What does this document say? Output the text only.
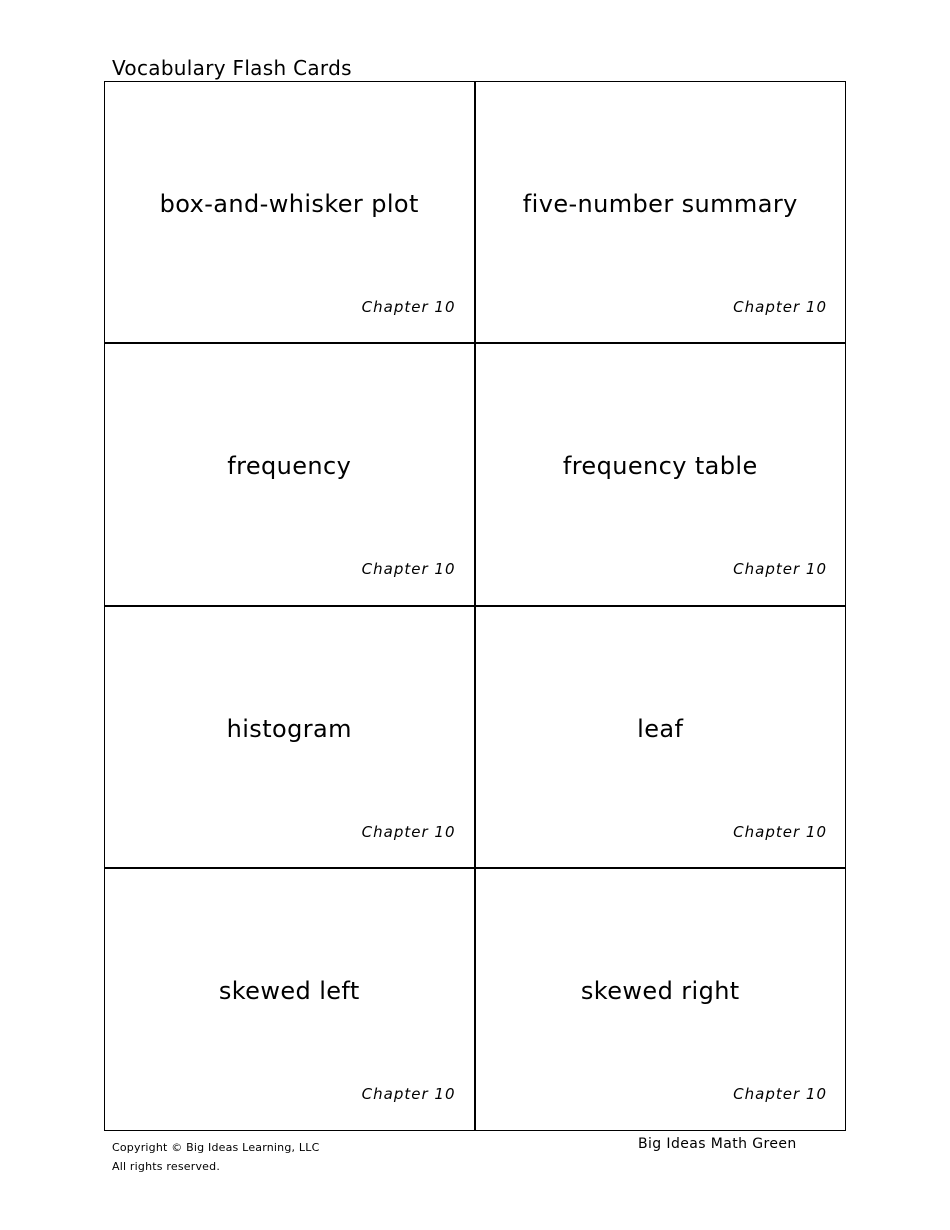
Vocabulary Flash Cards
box-and-whisker plot
Chapter 10
five-number summary
Chapter 10
frequency
Chapter 10
frequency table
Chapter 10
histogram
Chapter 10
leaf
Chapter 10
skewed left
Chapter 10
skewed right
Chapter 10
Copyright © Big Ideas Learning, LLC
All rights reserved.
Big Ideas Math Green
